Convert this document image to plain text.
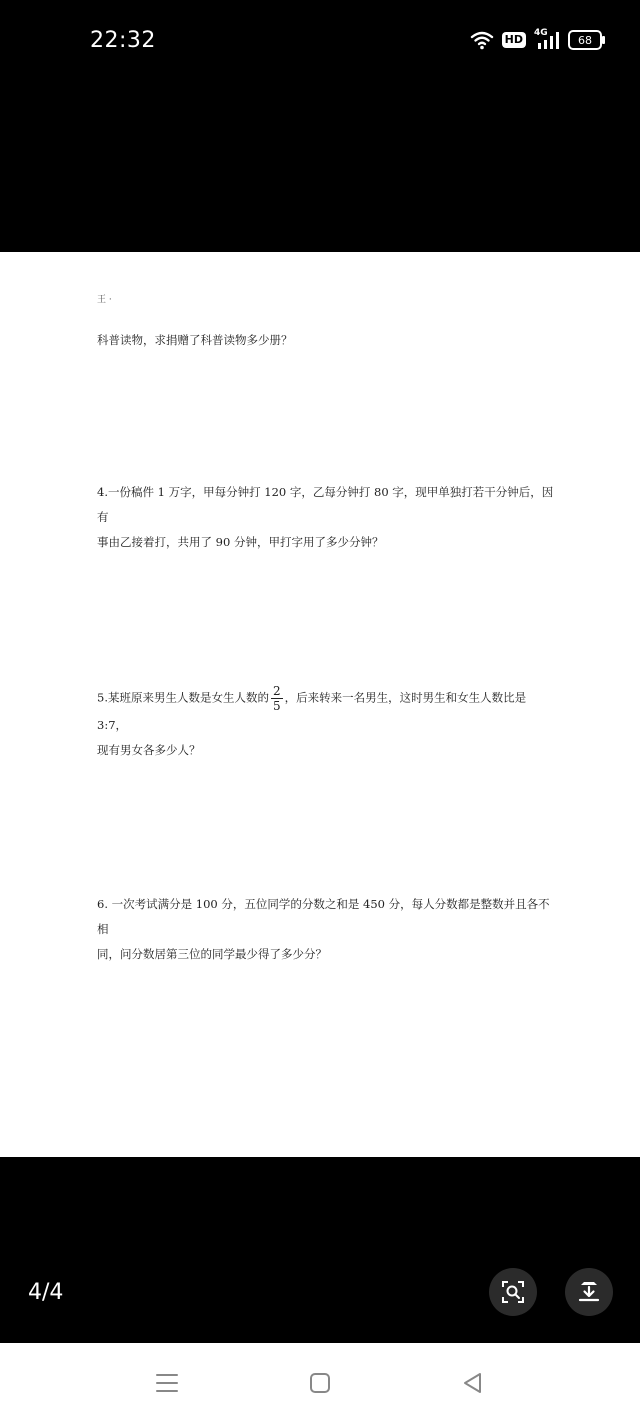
22:32	HD	4G
68
王 ·
科普读物，求捐赠了科普读物多少册？
4.一份稿件 1 万字，甲每分钟打 120 字，乙每分钟打 80 字，现甲单独打若干分钟后，因有
事由乙接着打，共用了 90 分钟，甲打字用了多少分钟？
5.某班原来男生人数是女生人数的 $\frac{2}{5}$ ，后来转来一名男生，这时男生和女生人数比是 3:7，
现有男女各多少人？
6. 一次考试满分是 100 分，五位同学的分数之和是 450 分，每人分数都是整数并且各不相
同，问分数居第三位的同学最少得了多少分？
4/4
